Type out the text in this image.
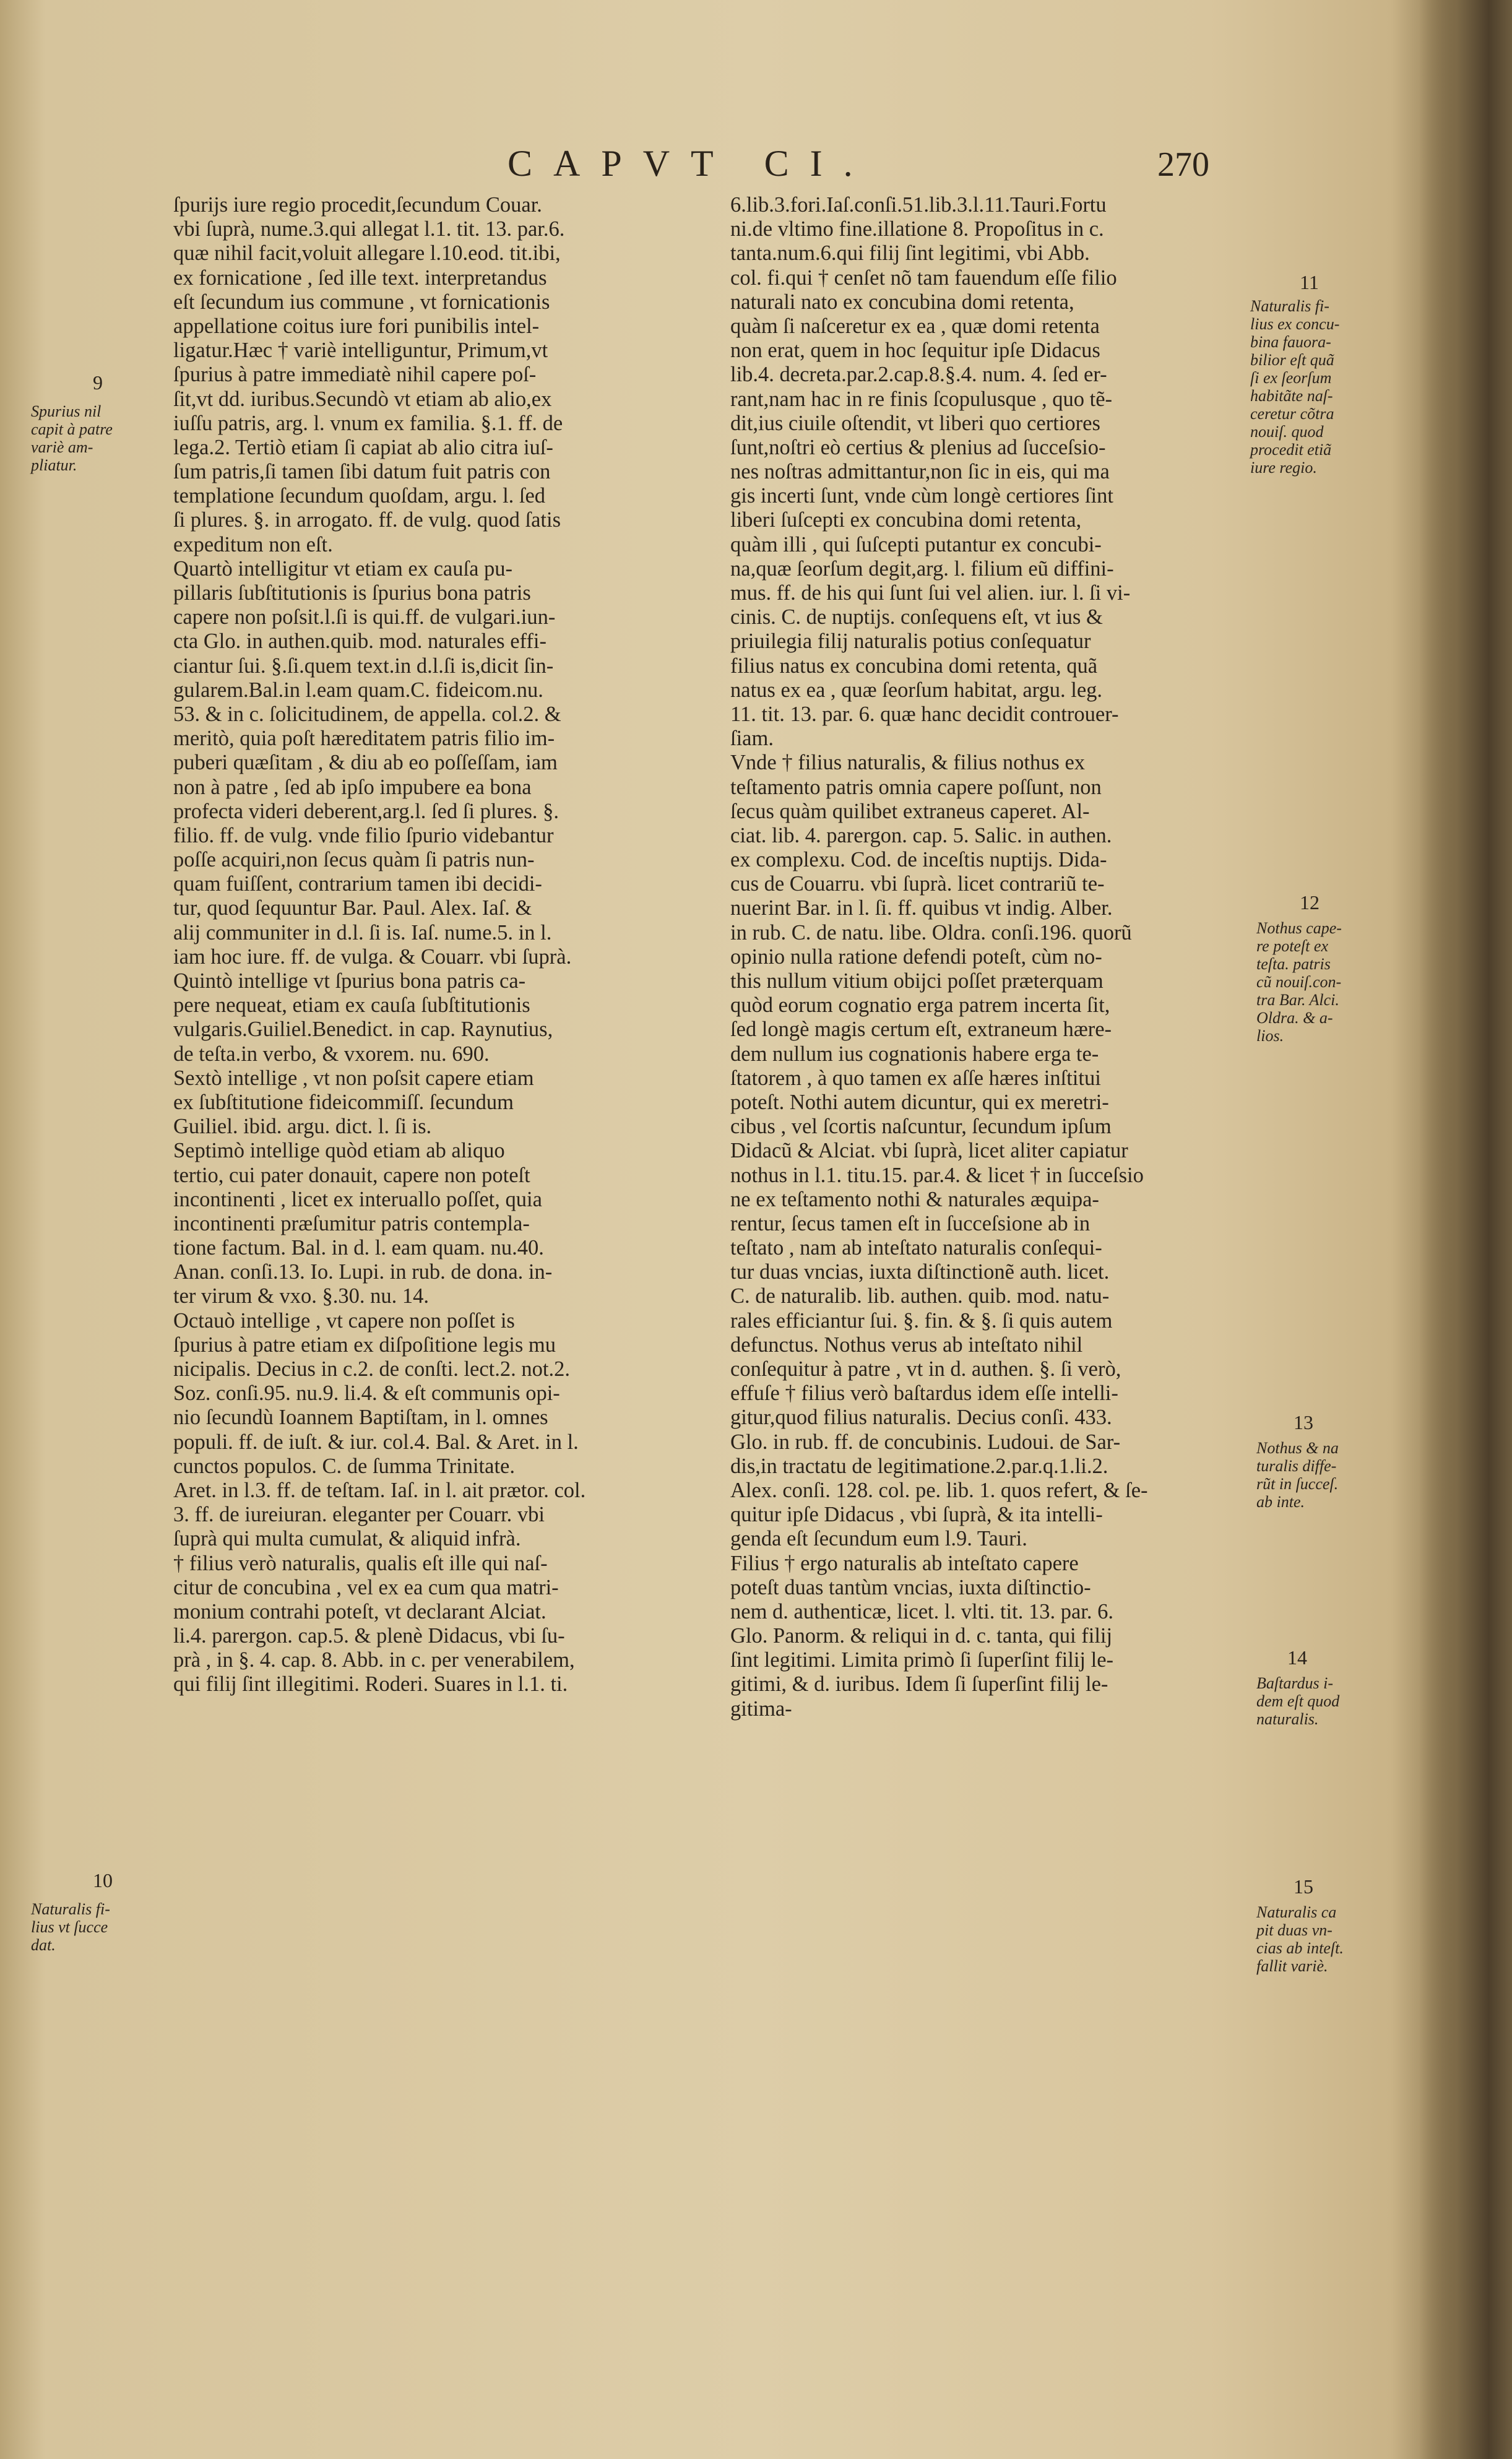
CAPVT CI.	270
ſpurijs iure regio procedit,ſecundum Couar.
vbi ſuprà, nume.3.qui allegat l.1. tit. 13. par.6.
quæ nihil facit,voluit allegare l.10.eod. tit.ibi,
ex fornicatione , ſed ille text. interpretandus
eſt ſecundum ius commune , vt fornicationis
appellatione coitus iure fori punibilis intel-
ligatur.Hæc † variè intelliguntur, Primum,vt
ſpurius à patre immediatè nihil capere poſ-
ſit,vt dd. iuribus.Secundò vt etiam ab alio,ex
iuſſu patris, arg. l. vnum ex familia. §.1. ff. de
lega.2. Tertiò etiam ſi capiat ab alio citra iuſ-
ſum patris,ſi tamen ſibi datum fuit patris con
templatione ſecundum quoſdam, argu. l. ſed
ſi plures. §. in arrogato. ff. de vulg. quod ſatis
expeditum non eſt.
Quartò intelligitur vt etiam ex cauſa pu-
pillaris ſubſtitutionis is ſpurius bona patris
capere non poſsit.l.ſi is qui.ff. de vulgari.iun-
cta Glo. in authen.quib. mod. naturales effi-
ciantur ſui. §.ſi.quem text.in d.l.ſi is,dicit ſin-
gularem.Bal.in l.eam quam.C. fideicom.nu.
53. & in c. ſolicitudinem, de appella. col.2. &
meritò, quia poſt hæreditatem patris filio im-
puberi quæſitam , & diu ab eo poſſeſſam, iam
non à patre , ſed ab ipſo impubere ea bona
profecta videri deberent,arg.l. ſed ſi plures. §.
filio. ff. de vulg. vnde filio ſpurio videbantur
poſſe acquiri,non ſecus quàm ſi patris nun-
quam fuiſſent, contrarium tamen ibi decidi-
tur, quod ſequuntur Bar. Paul. Alex. Iaſ. &
alij communiter in d.l. ſi is. Iaſ. nume.5. in l.
iam hoc iure. ff. de vulga. & Couarr. vbi ſuprà.
Quintò intellige vt ſpurius bona patris ca-
pere nequeat, etiam ex cauſa ſubſtitutionis
vulgaris.Guiliel.Benedict. in cap. Raynutius,
de teſta.in verbo, & vxorem. nu. 690.
Sextò intellige , vt non poſsit capere etiam
ex ſubſtitutione fideicommiſſ. ſecundum
Guiliel. ibid. argu. dict. l. ſi is.
Septimò intellige quòd etiam ab aliquo
tertio, cui pater donauit, capere non poteſt
incontinenti , licet ex interuallo poſſet, quia
incontinenti præſumitur patris contempla-
tione factum. Bal. in d. l. eam quam. nu.40.
Anan. conſi.13. Io. Lupi. in rub. de dona. in-
ter virum & vxo. §.30. nu. 14.
Octauò intellige , vt capere non poſſet is
ſpurius à patre etiam ex diſpoſitione legis mu
nicipalis. Decius in c.2. de conſti. lect.2. not.2.
Soz. conſi.95. nu.9. li.4. & eſt communis opi-
nio ſecundù Ioannem Baptiſtam, in l. omnes
populi. ff. de iuſt. & iur. col.4. Bal. & Aret. in l.
cunctos populos. C. de ſumma Trinitate.
Aret. in l.3. ff. de teſtam. Iaſ. in l. ait prætor. col.
3. ff. de iureiuran. eleganter per Couarr. vbi
ſuprà qui multa cumulat, & aliquid infrà.
† filius verò naturalis, qualis eſt ille qui naſ-
citur de concubina , vel ex ea cum qua matri-
monium contrahi poteſt, vt declarant Alciat.
li.4. parergon. cap.5. & plenè Didacus, vbi ſu-
prà , in §. 4. cap. 8. Abb. in c. per venerabilem,
qui filij ſint illegitimi. Roderi. Suares in l.1. ti.
6.lib.3.fori.Iaſ.conſi.51.lib.3.l.11.Tauri.Fortu
ni.de vltimo fine.illatione 8. Propoſitus in c.
tanta.num.6.qui filij ſint legitimi, vbi Abb.
col. fi.qui † cenſet nõ tam fauendum eſſe filio
naturali nato ex concubina domi retenta,
quàm ſi naſceretur ex ea , quæ domi retenta
non erat, quem in hoc ſequitur ipſe Didacus
lib.4. decreta.par.2.cap.8.§.4. num. 4. ſed er-
rant,nam hac in re finis ſcopulusque , quo tẽ-
dit,ius ciuile oſtendit, vt liberi quo certiores
ſunt,noſtri eò certius & plenius ad ſucceſsio-
nes noſtras admittantur,non ſic in eis, qui ma
gis incerti ſunt, vnde cùm longè certiores ſint
liberi ſuſcepti ex concubina domi retenta,
quàm illi , qui ſuſcepti putantur ex concubi-
na,quæ ſeorſum degit,arg. l. filium eũ diffini-
mus. ff. de his qui ſunt ſui vel alien. iur. l. ſi vi-
cinis. C. de nuptijs. conſequens eſt, vt ius &
priuilegia filij naturalis potius conſequatur
filius natus ex concubina domi retenta, quã
natus ex ea , quæ ſeorſum habitat, argu. leg.
11. tit. 13. par. 6. quæ hanc decidit controuer-
ſiam.
Vnde † filius naturalis, & filius nothus ex
teſtamento patris omnia capere poſſunt, non
ſecus quàm quilibet extraneus caperet. Al-
ciat. lib. 4. parergon. cap. 5. Salic. in authen.
ex complexu. Cod. de inceſtis nuptijs. Dida-
cus de Couarru. vbi ſuprà. licet contrariũ te-
nuerint Bar. in l. ſi. ff. quibus vt indig. Alber.
in rub. C. de natu. libe. Oldra. conſi.196. quorũ
opinio nulla ratione defendi poteſt, cùm no-
this nullum vitium obijci poſſet præterquam
quòd eorum cognatio erga patrem incerta ſit,
ſed longè magis certum eſt, extraneum hære-
dem nullum ius cognationis habere erga te-
ſtatorem , à quo tamen ex aſſe hæres inſtitui
poteſt. Nothi autem dicuntur, qui ex meretri-
cibus , vel ſcortis naſcuntur, ſecundum ipſum
Didacũ & Alciat. vbi ſuprà, licet aliter capiatur
nothus in l.1. titu.15. par.4. & licet † in ſucceſsio
ne ex teſtamento nothi & naturales æquipa-
rentur, ſecus tamen eſt in ſucceſsione ab in
teſtato , nam ab inteſtato naturalis conſequi-
tur duas vncias, iuxta diſtinctionẽ auth. licet.
C. de naturalib. lib. authen. quib. mod. natu-
rales efficiantur ſui. §. fin. & §. ſi quis autem
defunctus. Nothus verus ab inteſtato nihil
conſequitur à patre , vt in d. authen. §. ſi verò,
effuſe † filius verò baſtardus idem eſſe intelli-
gitur,quod filius naturalis. Decius conſi. 433.
Glo. in rub. ff. de concubinis. Ludoui. de Sar-
dis,in tractatu de legitimatione.2.par.q.1.li.2.
Alex. conſi. 128. col. pe. lib. 1. quos refert, & ſe-
quitur ipſe Didacus , vbi ſuprà, & ita intelli-
genda eſt ſecundum eum l.9. Tauri.
Filius † ergo naturalis ab inteſtato capere
poteſt duas tantùm vncias, iuxta diſtinctio-
nem d. authenticæ, licet. l. vlti. tit. 13. par. 6.
Glo. Panorm. & reliqui in d. c. tanta, qui filij
ſint legitimi. Limita primò ſi ſuperſint filij le-
gitimi, & d. iuribus. Idem ſi ſuperſint filij le-
gitima-
9
Spurius nil
capit à patre
variè am-
pliatur.
10
Naturalis fi-
lius vt ſucce
dat.
11
Naturalis fi-
lius ex concu-
bina fauora-
bilior eſt quã
ſi ex ſeorſum
habitãte naſ-
ceretur cõtra
nouiſ. quod
procedit etiã
iure regio.
12
Nothus cape-
re poteſt ex
teſta. patris
cũ nouiſ.con-
tra Bar. Alci.
Oldra. & a-
lios.
13
Nothus & na
turalis diffe-
rũt in ſucceſ.
ab inte.
14
Baſtardus i-
dem eſt quod
naturalis.
15
Naturalis ca
pit duas vn-
cias ab inteſt.
fallit variè.
